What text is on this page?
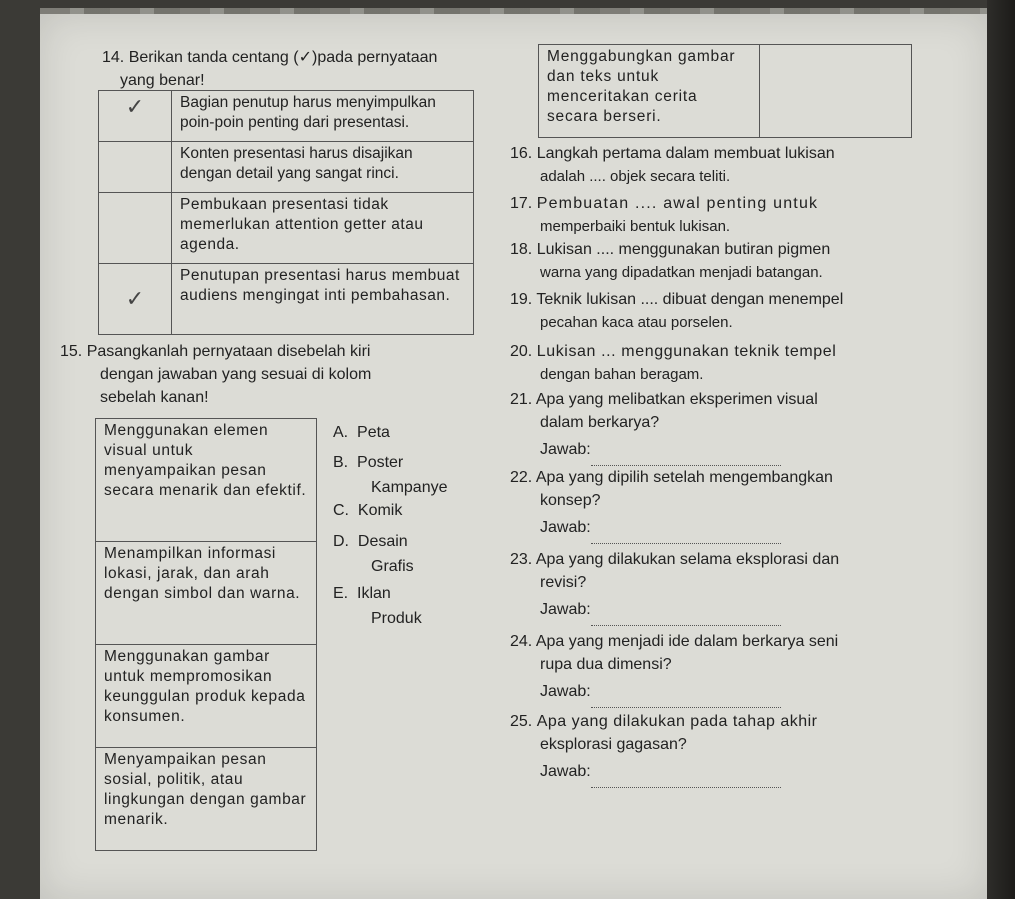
14. Berikan tanda centang (✓)pada pernyataan
yang benar!
✓	Bagian penutup harus menyimpulkan poin-poin penting dari presentasi.
	Konten presentasi harus disajikan dengan detail yang sangat rinci.
	Pembukaan presentasi tidak memerlukan attention getter atau agenda.
✓	Penutupan presentasi harus membuat audiens mengingat inti pembahasan.
15. Pasangkanlah pernyataan disebelah kiri
dengan jawaban yang sesuai di kolom
sebelah kanan!
Menggunakan elemen visual untuk menyampaikan pesan secara menarik dan efektif.
Menampilkan informasi lokasi, jarak, dan arah dengan simbol dan warna.
Menggunakan gambar untuk mempromosikan keunggulan produk kepada konsumen.
Menyampaikan pesan sosial, politik, atau lingkungan dengan gambar menarik.
A. Peta
B. Poster
Kampanye
C. Komik
D. Desain
Grafis
E. Iklan
Produk
Menggabungkan gambar dan teks untuk menceritakan cerita secara berseri.	
16. Langkah pertama dalam membuat lukisan
adalah .... objek secara teliti.
17. Pembuatan .... awal penting untuk
memperbaiki bentuk lukisan.
18. Lukisan .... menggunakan butiran pigmen
warna yang dipadatkan menjadi batangan.
19. Teknik lukisan .... dibuat dengan menempel
pecahan kaca atau porselen.
20. Lukisan ... menggunakan teknik tempel
dengan bahan beragam.
21. Apa yang melibatkan eksperimen visual
dalam berkarya?
Jawab:
22. Apa yang dipilih setelah mengembangkan
konsep?
Jawab:
23. Apa yang dilakukan selama eksplorasi dan
revisi?
Jawab:
24. Apa yang menjadi ide dalam berkarya seni
rupa dua dimensi?
Jawab:
25. Apa yang dilakukan pada tahap akhir
eksplorasi gagasan?
Jawab:
